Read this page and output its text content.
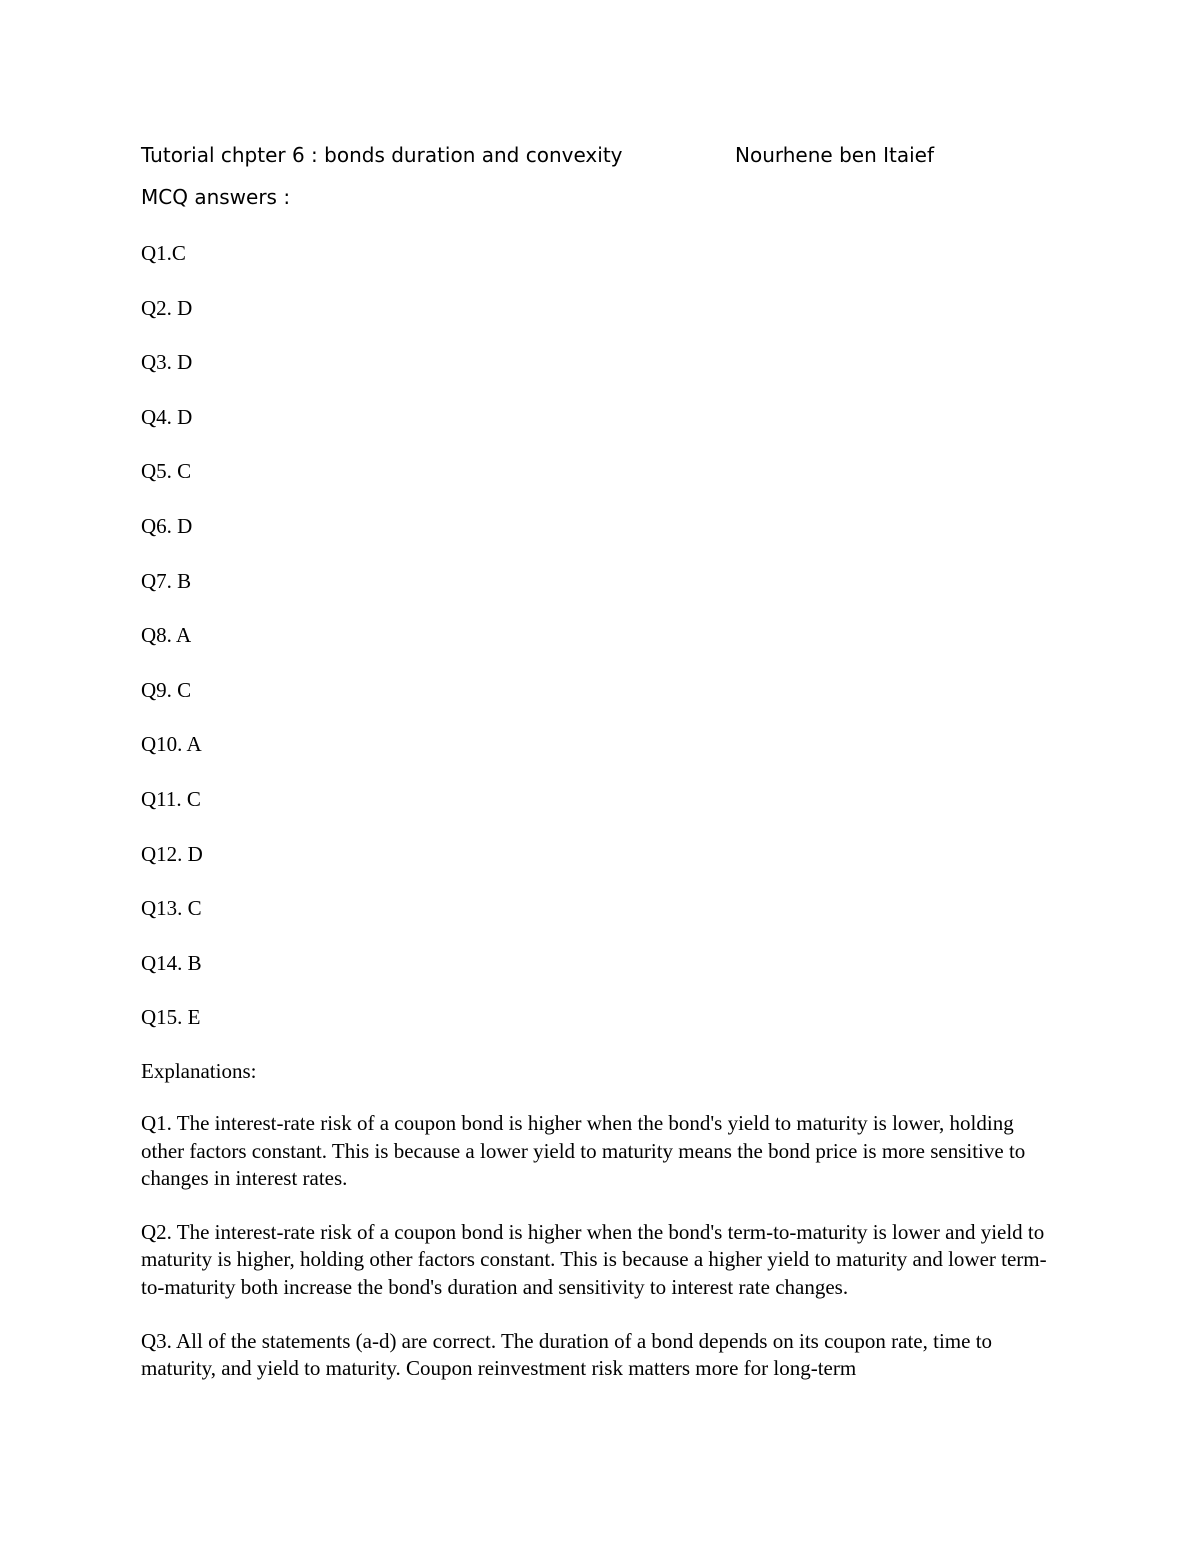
Tutorial chpter 6 : bonds duration and convexity	Nourhene ben Itaief
MCQ answers :
Q1.C
Q2. D
Q3. D
Q4. D
Q5. C
Q6. D
Q7. B
Q8. A
Q9. C
Q10. A
Q11. C
Q12. D
Q13. C
Q14. B
Q15. E
Explanations:

Q1. The interest-rate risk of a coupon bond is higher when the bond's yield to maturity is lower, holding other factors constant. This is because a lower yield to maturity means the bond price is more sensitive to changes in interest rates.

Q2. The interest-rate risk of a coupon bond is higher when the bond's term-to-maturity is lower and yield to maturity is higher, holding other factors constant. This is because a higher yield to maturity and lower term-to-maturity both increase the bond's duration and sensitivity to interest rate changes.

Q3. All of the statements (a-d) are correct. The duration of a bond depends on its coupon rate, time to maturity, and yield to maturity. Coupon reinvestment risk matters more for long-term
